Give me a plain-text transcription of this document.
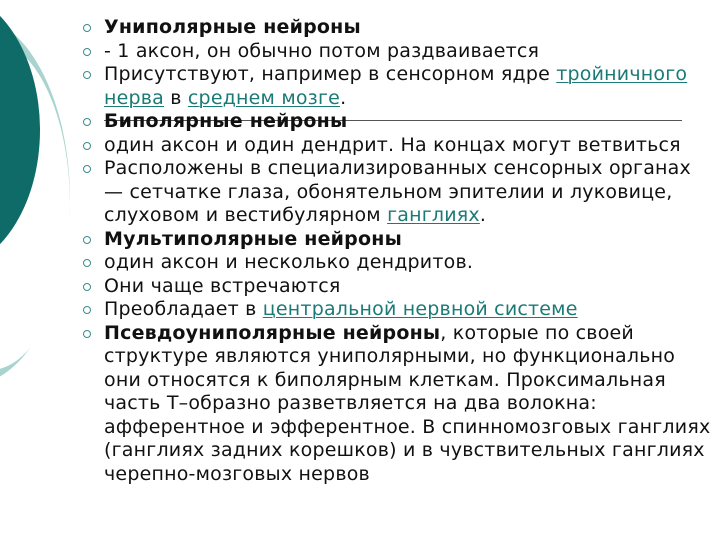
Униполярные нейроны
- 1 аксон, он обычно потом раздваивается
Присутствуют, например в сенсорном ядре тройничного нерва в среднем мозге.
Биполярные нейроны
один аксон и один дендрит. На концах могут ветвиться
Расположены в специализированных сенсорных органах — сетчатке глаза, обонятельном эпителии и луковице, слуховом и вестибулярном ганглиях.
Мультиполярные нейроны
один аксон и несколько дендритов.
Они чаще встречаются
Преобладает в центральной нервной системе
Псевдоуниполярные нейроны, которые по своей структуре являются униполярными, но функционально они относятся к биполярным клеткам. Проксимальная часть Т–образно разветвляется на два волокна: афферентное и эфферентное. В спинномозговых ганглиях (ганглиях задних корешков) и в чувствительных ганглиях черепно-мозговых нервов
